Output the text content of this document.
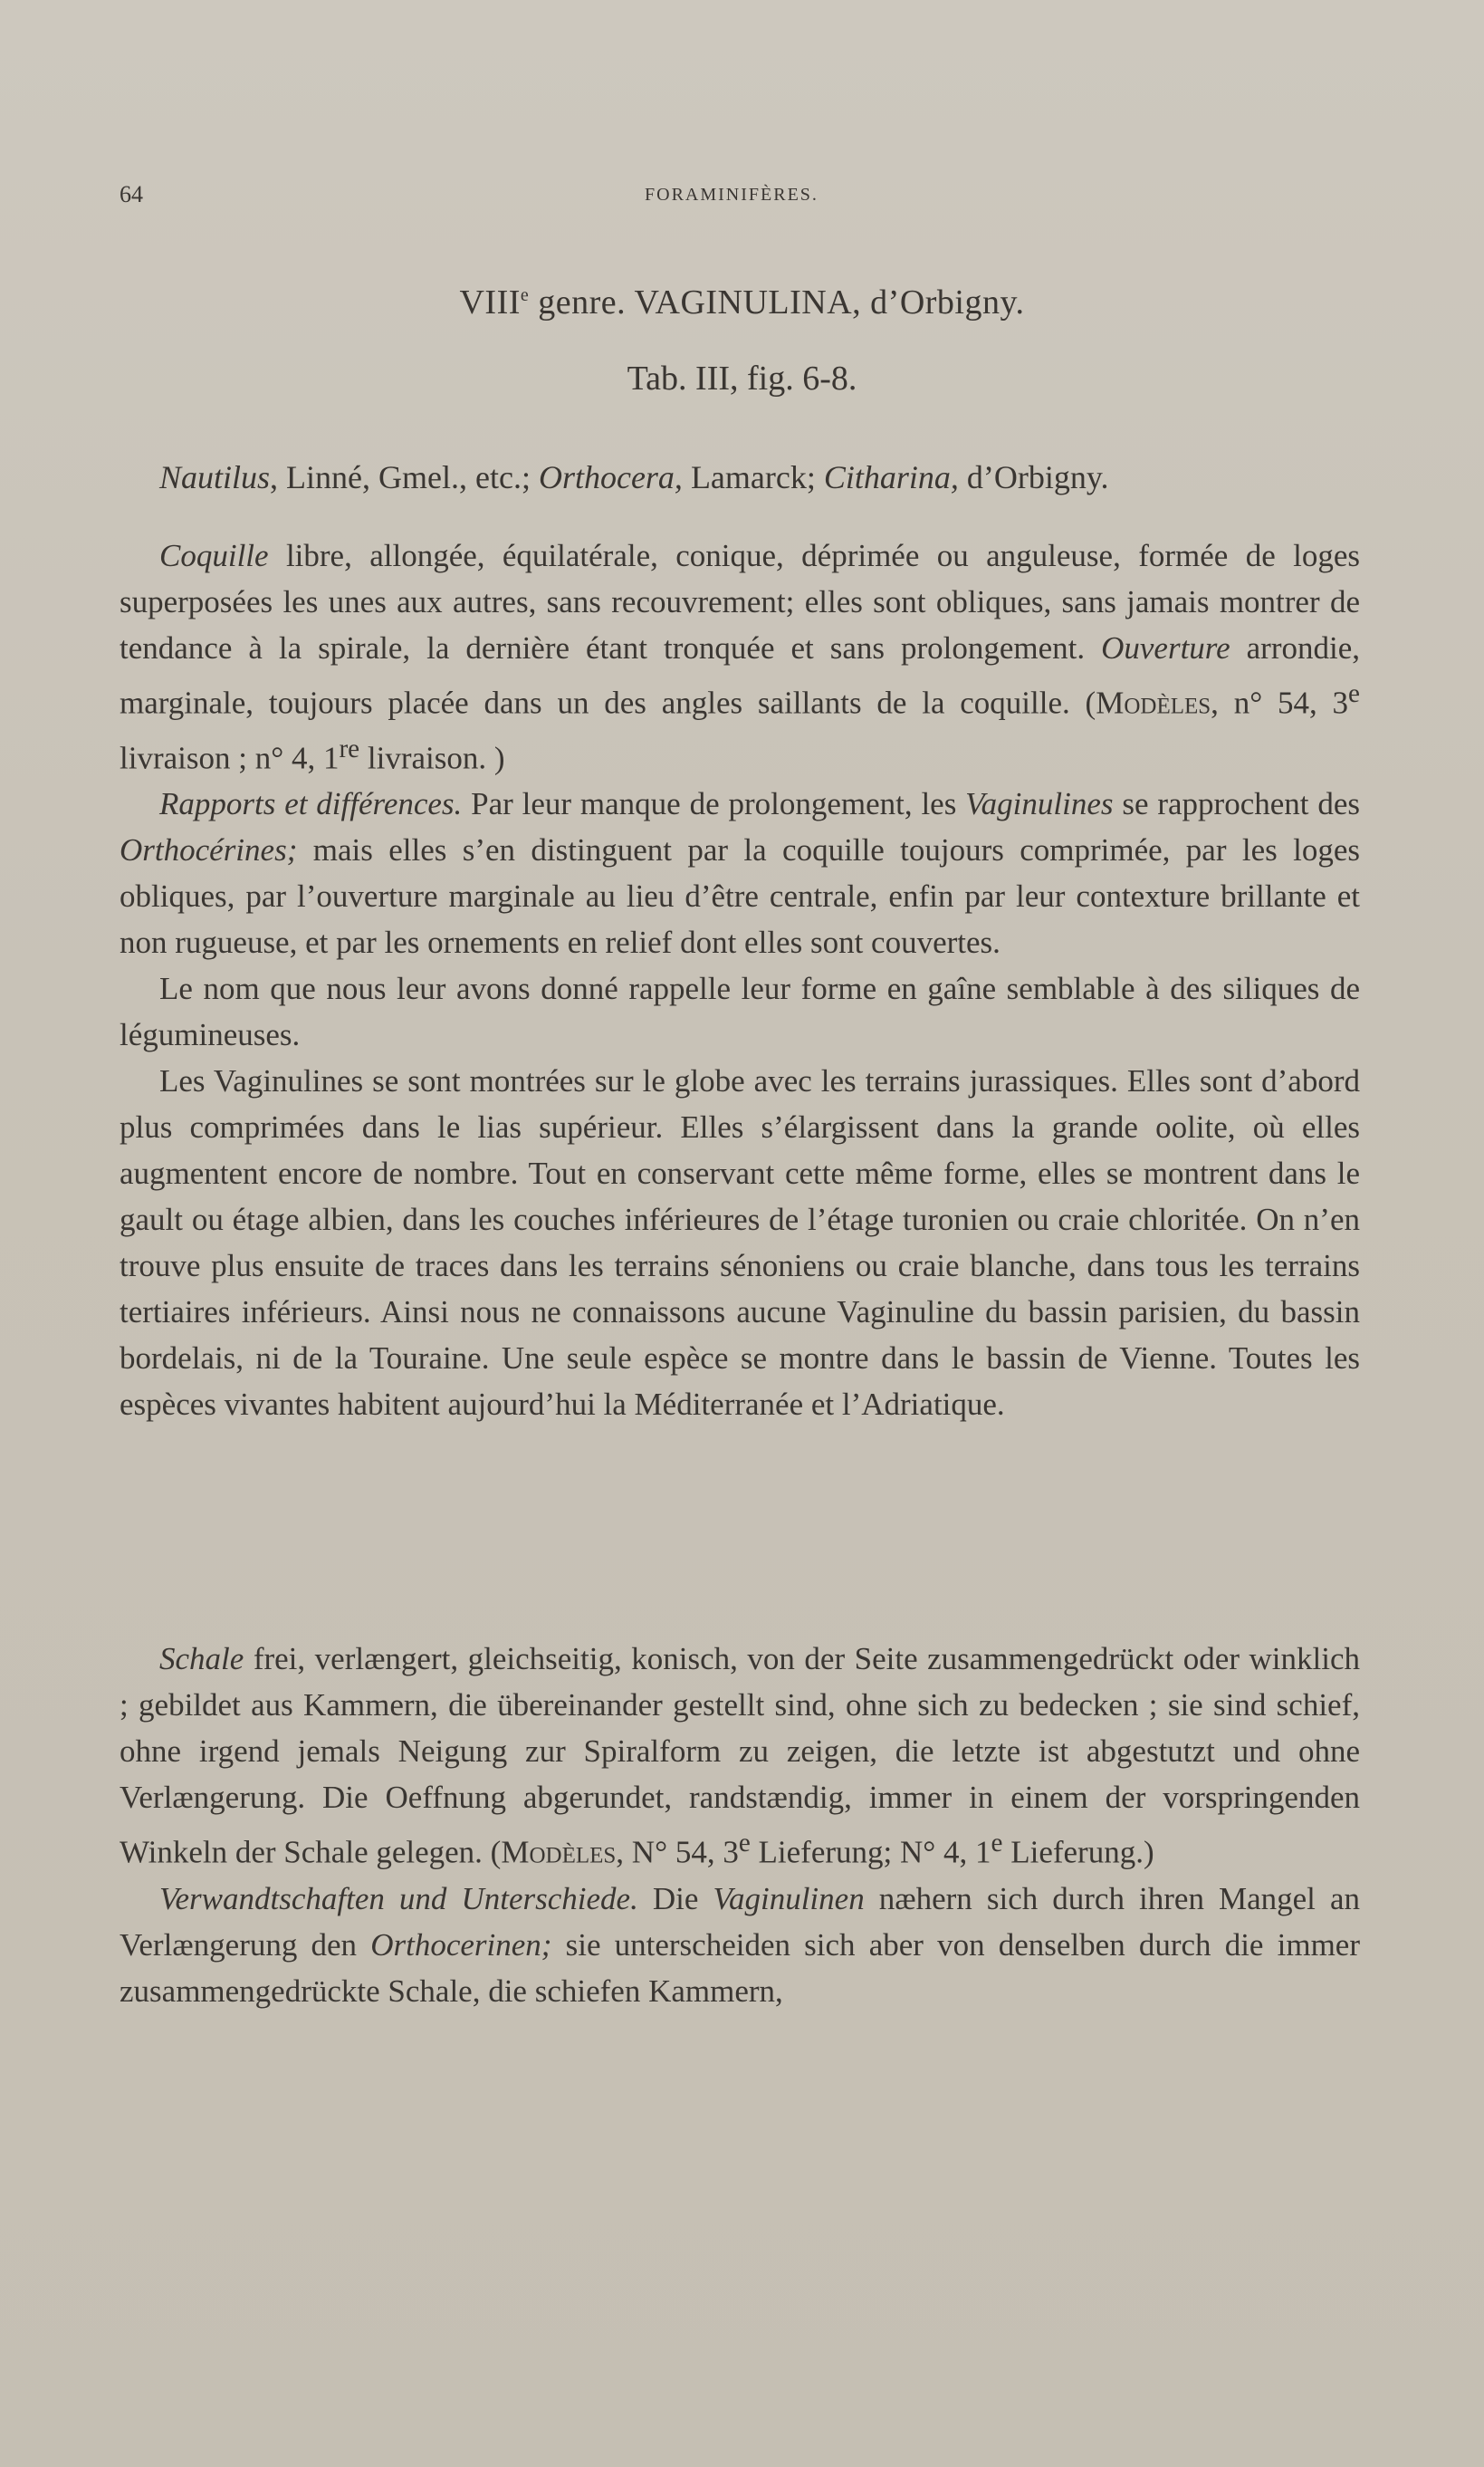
64	FORAMINIFÈRES.
VIIIe genre. VAGINULINA, d’Orbigny.
Tab. III, fig. 6-8.
Nautilus, Linné, Gmel., etc.; Orthocera, Lamarck; Citharina, d’Orbigny.

Coquille libre, allongée, équilatérale, conique, déprimée ou anguleuse, formée de loges superposées les unes aux autres, sans recouvrement; elles sont obliques, sans jamais montrer de tendance à la spirale, la dernière étant tronquée et sans prolongement. Ouverture arrondie, marginale, toujours placée dans un des angles saillants de la coquille. (Modèles, n° 54, 3e livraison ; n° 4, 1re livraison. )

Rapports et différences. Par leur manque de prolongement, les Vaginulines se rapprochent des Orthocérines; mais elles s’en distinguent par la coquille toujours comprimée, par les loges obliques, par l’ouverture marginale au lieu d’être centrale, enfin par leur contexture brillante et non rugueuse, et par les ornements en relief dont elles sont couvertes.

Le nom que nous leur avons donné rappelle leur forme en gaîne semblable à des siliques de légumineuses.

Les Vaginulines se sont montrées sur le globe avec les terrains jurassiques. Elles sont d’abord plus comprimées dans le lias supérieur. Elles s’élargissent dans la grande oolite, où elles augmentent encore de nombre. Tout en conservant cette même forme, elles se montrent dans le gault ou étage albien, dans les couches inférieures de l’étage turonien ou craie chloritée. On n’en trouve plus ensuite de traces dans les terrains sénoniens ou craie blanche, dans tous les terrains tertiaires inférieurs. Ainsi nous ne connaissons aucune Vaginuline du bassin parisien, du bassin bordelais, ni de la Touraine. Une seule espèce se montre dans le bassin de Vienne. Toutes les espèces vivantes habitent aujourd’hui la Méditerranée et l’Adriatique.

Schale frei, verlængert, gleichseitig, konisch, von der Seite zusammengedrückt oder winklich ; gebildet aus Kammern, die übereinander gestellt sind, ohne sich zu bedecken ; sie sind schief, ohne irgend jemals Neigung zur Spiralform zu zeigen, die letzte ist abgestutzt und ohne Verlængerung. Die Oeffnung abgerundet, randstændig, immer in einem der vorspringenden Winkeln der Schale gelegen. (Modèles, N° 54, 3e Lieferung; N° 4, 1e Lieferung.)

Verwandtschaften und Unterschiede. Die Vaginulinen næhern sich durch ihren Mangel an Verlængerung den Orthocerinen; sie unterscheiden sich aber von denselben durch die immer zusammengedrückte Schale, die schiefen Kammern,
